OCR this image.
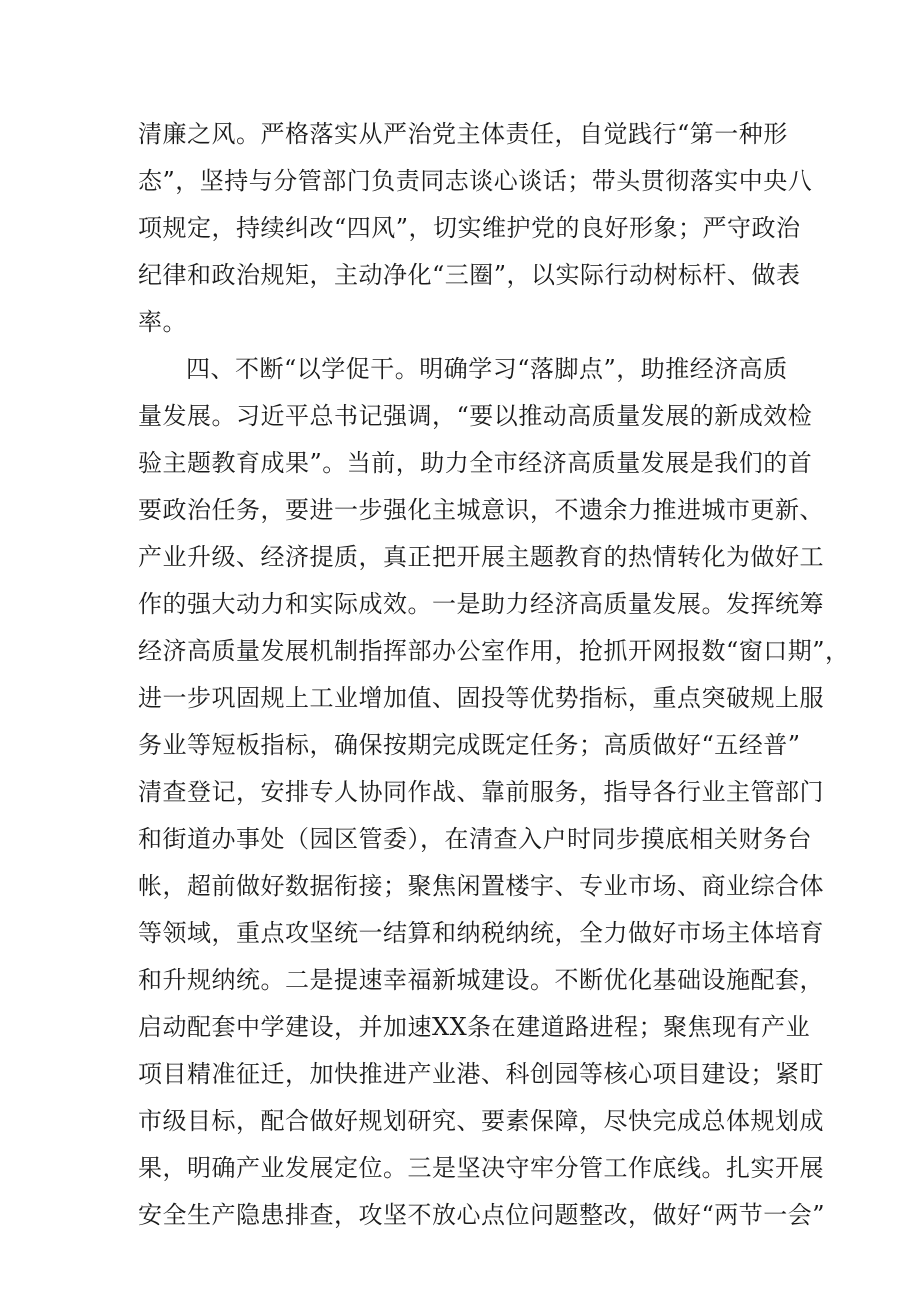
清廉之风。严格落实从严治党主体责任，自觉践行“第一种形
态”，坚持与分管部门负责同志谈心谈话；带头贯彻落实中央八
项规定，持续纠改“四风”，切实维护党的良好形象；严守政治
纪律和政治规矩，主动净化“三圈”，以实际行动树标杆、做表
率。
四、不断“以学促干。明确学习“落脚点”，助推经济高质
量发展。习近平总书记强调，“要以推动高质量发展的新成效检
验主题教育成果”。当前，助力全市经济高质量发展是我们的首
要政治任务，要进一步强化主城意识，不遗余力推进城市更新、
产业升级、经济提质，真正把开展主题教育的热情转化为做好工
作的强大动力和实际成效。一是助力经济高质量发展。发挥统筹
经济高质量发展机制指挥部办公室作用，抢抓开网报数“窗口期”，
进一步巩固规上工业增加值、固投等优势指标，重点突破规上服
务业等短板指标，确保按期完成既定任务；高质做好“五经普”
清查登记，安排专人协同作战、靠前服务，指导各行业主管部门
和街道办事处（园区管委），在清查入户时同步摸底相关财务台
帐，超前做好数据衔接；聚焦闲置楼宇、专业市场、商业综合体
等领域，重点攻坚统一结算和纳税纳统，全力做好市场主体培育
和升规纳统。二是提速幸福新城建设。不断优化基础设施配套，
启动配套中学建设，并加速XX条在建道路进程；聚焦现有产业
项目精准征迁，加快推进产业港、科创园等核心项目建设；紧盯
市级目标，配合做好规划研究、要素保障，尽快完成总体规划成
果，明确产业发展定位。三是坚决守牢分管工作底线。扎实开展
安全生产隐患排查，攻坚不放心点位问题整改，做好“两节一会”
